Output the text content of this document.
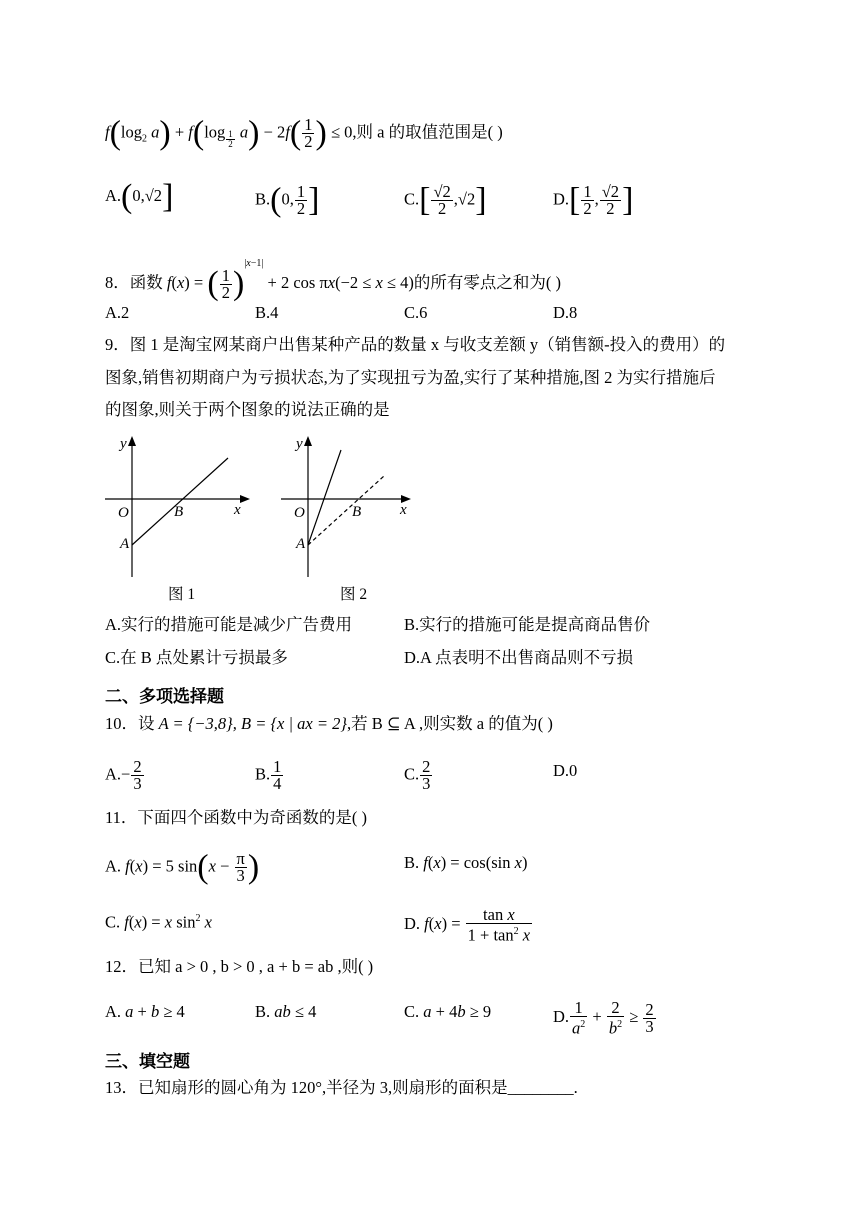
$f(\log_2$ a) + f(log $_{\frac{1}{2}}$ $a) - 2f( \frac{1}{2}$ ) ≤ 0,则 a 的取值范围是( )
A.(0,√2]	B.(0, $\frac{1}{2}$ ]	$C.[ \frac{√2}{2} ,√2]$	$D.[ \frac{1}{2}$ , $\frac{√2}{2}$ ]
8．函数 f(x) = ( $\frac{1}{2} )^{|x-1|} + 2$ cos πx(−2 ≤ x ≤ 4)的所有零点之和为( )
A.2	B.4	C.6	D.8
9．图 1 是淘宝网某商户出售某种产品的数量 x 与收支差额 y（销售额-投入的费用）的
图象,销售初期商户为亏损状态,为了实现扭亏为盈,实行了某种措施,图 2 为实行措施后
的图象,则关于两个图象的说法正确的是
y
x
O	B
A
图 1
y
x
O	B
A
图 2
A.实行的措施可能是减少广告费用	B.实行的措施可能是提高商品售价
C.在 B 点处累计亏损最多	D.A 点表明不出售商品则不亏损
二、多项选择题
10．设 A = {−3,8}, B = {x | ax = 2},若 B ⊆ A ,则实数 a 的值为( )
$A.- \frac{2}{3}$	B. $\frac{1}{4}$	C. $\frac{2}{3}$	D.0
11．下面四个函数中为奇函数的是( )
A. f(x) = 5 $\sin(x - \frac{\pi}{3}$ )	B. f(x) = cos(sin x)
C. f(x) = x $\sin^2 x$	D. $f(x) = \frac{\text{tan x}}{1 + \tan^2 x}$
12．已知 a > 0 , b > 0 , a + b = ab ,则( )
A. a + b ≥ 4	B. ab ≤ 4	C. a + 4b ≥ 9	D. $\frac{1}{a^2} + \frac{2}{b^2} \ge \frac{2}{3}$
三、填空题
13．已知扇形的圆心角为 120°,半径为 3,则扇形的面积是________.
